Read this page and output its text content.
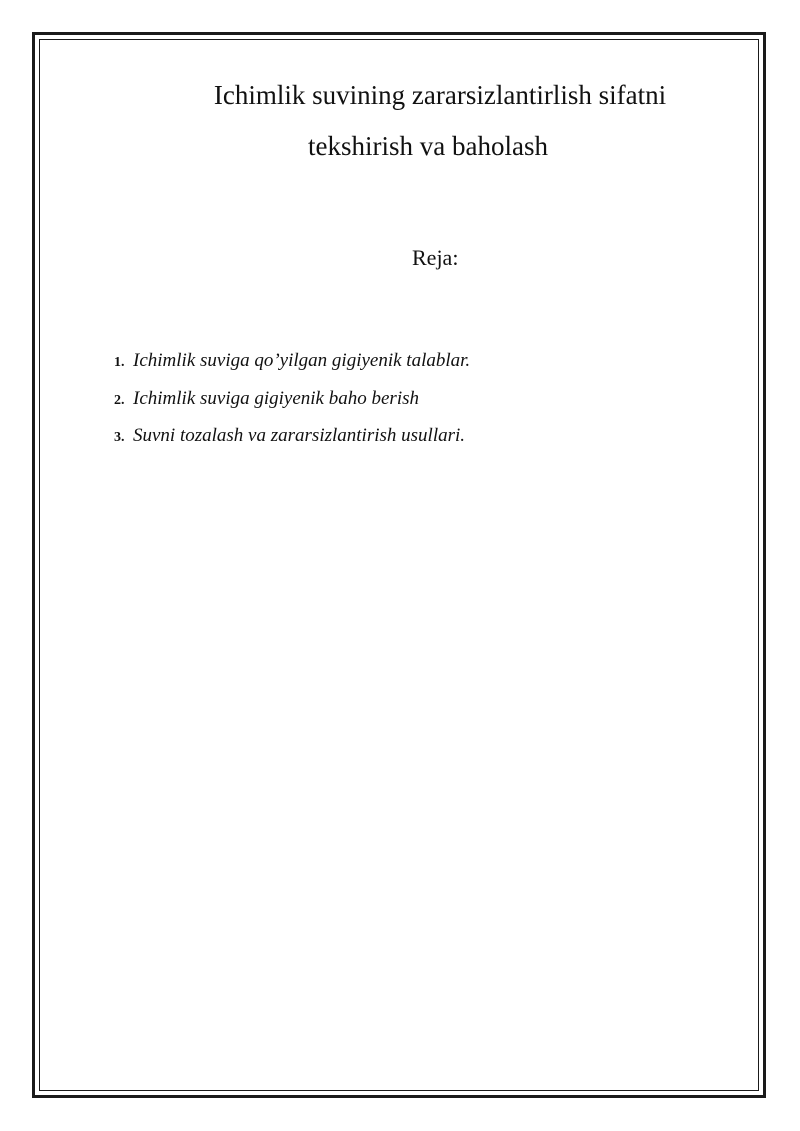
Ichimlik suvining zararsizlantirlish sifatni
tekshirish va baholash
Reja:
1. Ichimlik suviga qo’yilgan gigiyenik talablar.
2. Ichimlik suviga gigiyenik baho berish
3. Suvni tozalash va zararsizlantirish usullari.
